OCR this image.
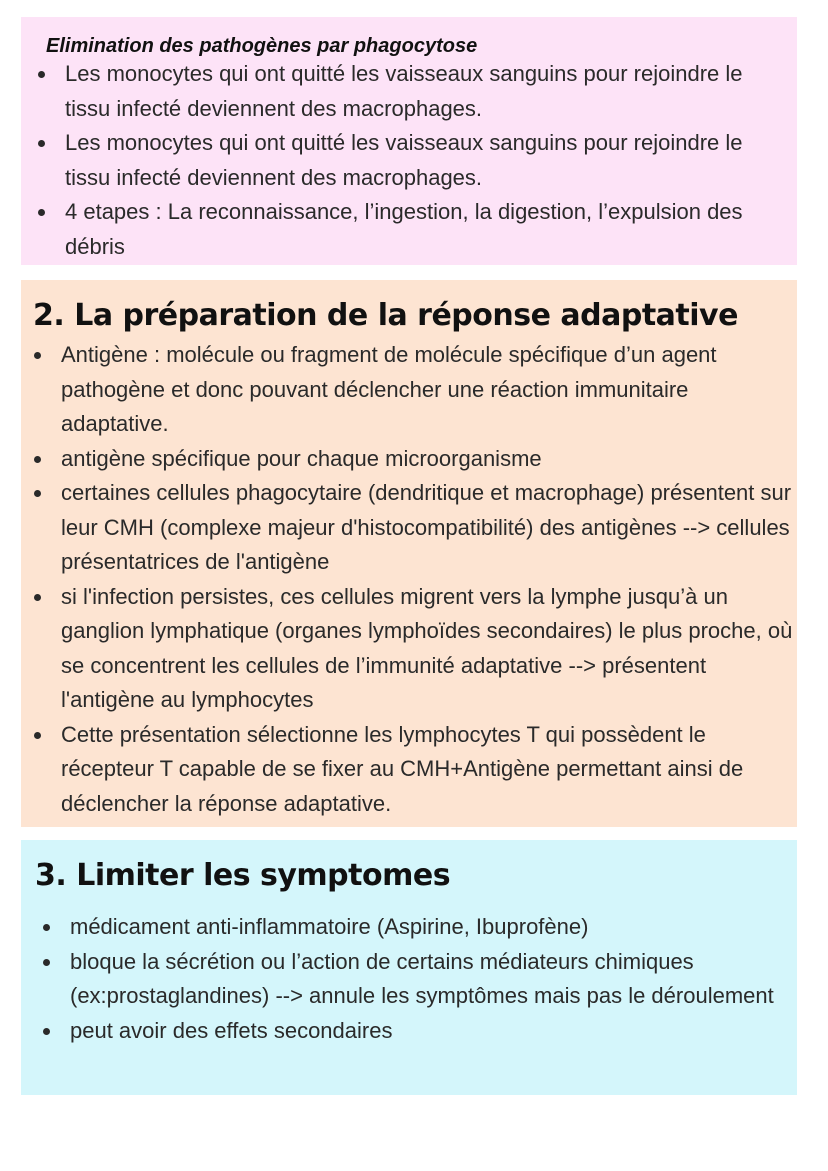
Elimination des pathogènes par phagocytose
Les monocytes qui ont quitté les vaisseaux sanguins pour rejoindre le tissu infecté deviennent des macrophages.
Les monocytes qui ont quitté les vaisseaux sanguins pour rejoindre le tissu infecté deviennent des macrophages.
4 etapes : La reconnaissance, l’ingestion, la digestion, l’expulsion des débris
2. La préparation de la réponse adaptative
Antigène : molécule ou fragment de molécule spécifique d’un agent pathogène et donc pouvant déclencher une réaction immunitaire adaptative.
antigène spécifique pour chaque microorganisme
certaines cellules phagocytaire (dendritique et macrophage) présentent sur leur CMH (complexe majeur d'histocompatibilité) des antigènes --> cellules présentatrices de l'antigène
si l'infection persistes, ces cellules migrent vers la lymphe jusqu’à un ganglion lymphatique (organes lymphoïdes secondaires) le plus proche, où se concentrent les cellules de l’immunité adaptative --> présentent l'antigène au lymphocytes
Cette présentation sélectionne les lymphocytes T qui possèdent le récepteur T capable de se fixer au CMH+Antigène permettant ainsi de déclencher la réponse adaptative.
3. Limiter les symptomes
médicament anti-inflammatoire (Aspirine, Ibuprofène)
bloque la sécrétion ou l’action de certains médiateurs chimiques (ex:prostaglandines) --> annule les symptômes mais pas le déroulement
peut avoir des effets secondaires
